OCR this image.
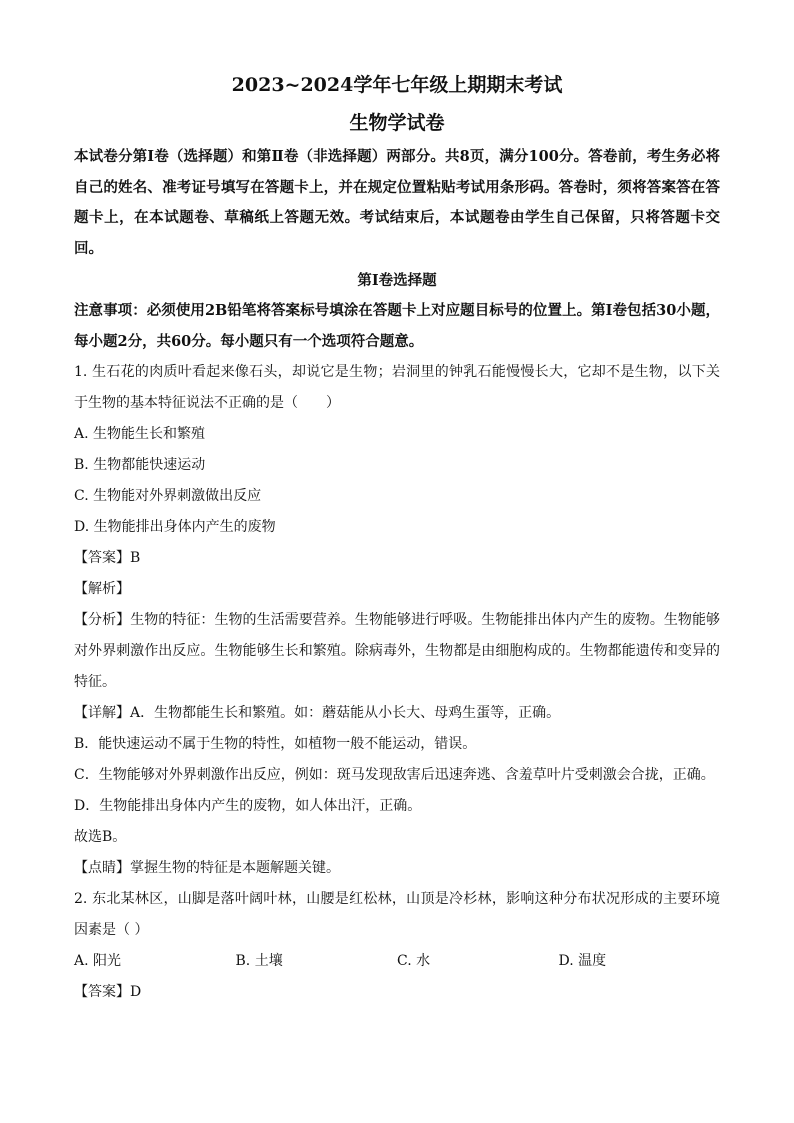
2023~2024学年七年级上期期末考试
生物学试卷
本试卷分第Ⅰ卷（选择题）和第Ⅱ卷（非选择题）两部分。共8页，满分100分。答卷前，考生务必将自己的姓名、准考证号填写在答题卡上，并在规定位置粘贴考试用条形码。答卷时，须将答案答在答题卡上，在本试题卷、草稿纸上答题无效。考试结束后，本试题卷由学生自己保留，只将答题卡交回。
第Ⅰ卷选择题
注意事项：必须使用2B铅笔将答案标号填涂在答题卡上对应题目标号的位置上。第Ⅰ卷包括30小题，每小题2分，共60分。每小题只有一个选项符合题意。
1. 生石花的肉质叶看起来像石头，却说它是生物；岩洞里的钟乳石能慢慢长大，它却不是生物，以下关于生物的基本特征说法不正确的是（　　）
A. 生物能生长和繁殖
B. 生物都能快速运动
C. 生物能对外界刺激做出反应
D. 生物能排出身体内产生的废物
【答案】B
【解析】
【分析】生物的特征：生物的生活需要营养。生物能够进行呼吸。生物能排出体内产生的废物。生物能够对外界刺激作出反应。生物能够生长和繁殖。除病毒外，生物都是由细胞构成的。生物都能遗传和变异的特征。
【详解】A．生物都能生长和繁殖。如：蘑菇能从小长大、母鸡生蛋等，正确。
B．能快速运动不属于生物的特性，如植物一般不能运动，错误。
C．生物能够对外界刺激作出反应，例如：斑马发现敌害后迅速奔逃、含羞草叶片受刺激会合拢，正确。
D．生物能排出身体内产生的废物，如人体出汗，正确。
故选B。
【点睛】掌握生物的特征是本题解题关键。
2. 东北某林区，山脚是落叶阔叶林，山腰是红松林，山顶是冷杉林，影响这种分布状况形成的主要环境因素是（ ）
A. 阳光	B. 土壤	C. 水	D. 温度
【答案】D
